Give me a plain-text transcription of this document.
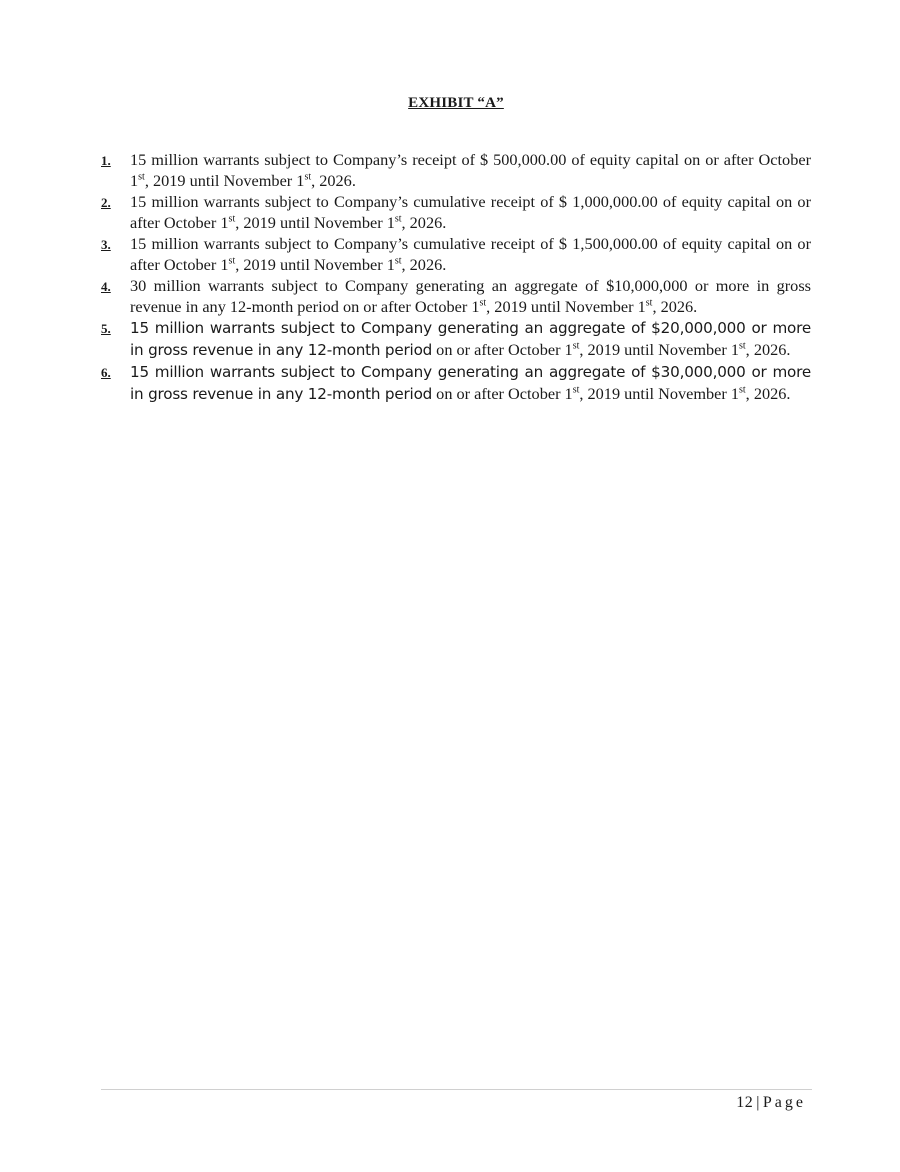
EXHIBIT “A”
1.	15 million warrants subject to Company’s receipt of $ 500,000.00 of equity capital on or after October 1st, 2019 until November 1st, 2026.
2.	15 million warrants subject to Company’s cumulative receipt of $ 1,000,000.00 of equity capital on or after October 1st, 2019 until November 1st, 2026.
3.	15 million warrants subject to Company’s cumulative receipt of $ 1,500,000.00 of equity capital on or after October 1st, 2019 until November 1st, 2026.
4.	30 million warrants subject to Company generating an aggregate of $10,000,000 or more in gross revenue in any 12-month period on or after October 1st, 2019 until November 1st, 2026.
5.	15 million warrants subject to Company generating an aggregate of $20,000,000 or more in gross revenue in any 12-month period on or after October 1st, 2019 until November 1st, 2026.
6.	15 million warrants subject to Company generating an aggregate of $30,000,000 or more in gross revenue in any 12-month period on or after October 1st, 2019 until November 1st, 2026.
12 | Page
